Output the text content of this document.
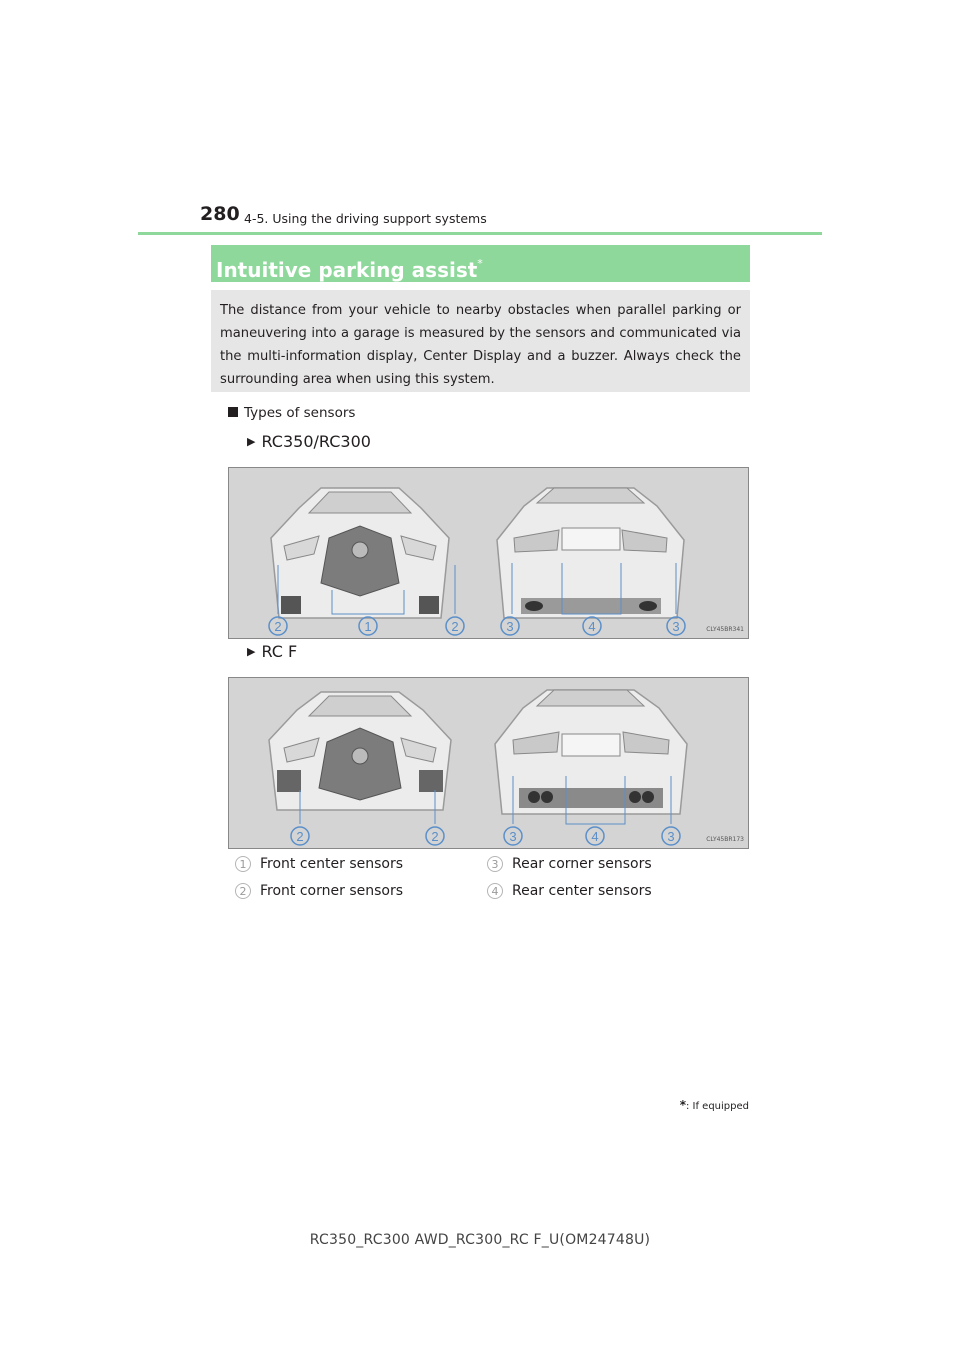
280 4-5. Using the driving support systems
Intuitive parking assist*
The distance from your vehicle to nearby obstacles when parallel parking or maneuvering into a garage is measured by the sensors and communicated via the multi-information display, Center Display and a buzzer. Always check the surrounding area when using this system.
Types of sensors
▶ RC350/RC300
2	1	2	3	4	3	CLY45BR341
▶ RC F
2	2	3	4	3	CLY45BR173
1 Front center sensors
2 Front corner sensors
3 Rear corner sensors
4 Rear center sensors
*: If equipped
RC350_RC300 AWD_RC300_RC F_U(OM24748U)
